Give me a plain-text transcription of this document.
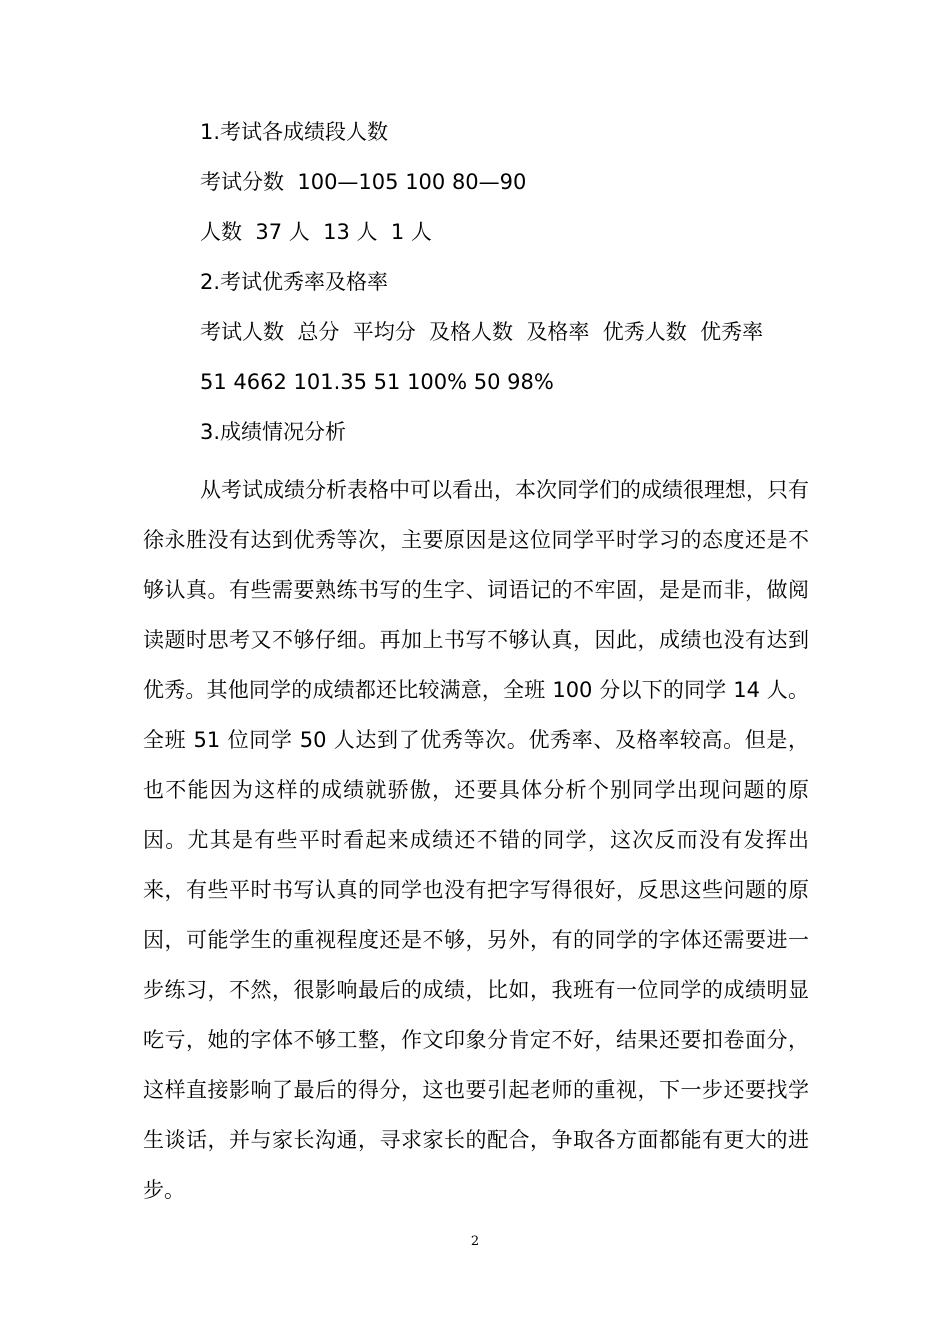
1.考试各成绩段人数
考试分数  100—105 100 80—90
人数  37 人  13 人  1 人
2.考试优秀率及格率
考试人数  总分  平均分  及格人数  及格率  优秀人数  优秀率
51 4662 101.35 51 100% 50 98%
3.成绩情况分析

从考试成绩分析表格中可以看出，本次同学们的成绩很理想，只有徐永胜没有达到优秀等次，主要原因是这位同学平时学习的态度还是不够认真。有些需要熟练书写的生字、词语记的不牢固，是是而非，做阅读题时思考又不够仔细。再加上书写不够认真，因此，成绩也没有达到优秀。其他同学的成绩都还比较满意，全班 100 分以下的同学 14 人。全班 51 位同学 50 人达到了优秀等次。优秀率、及格率较高。但是，也不能因为这样的成绩就骄傲，还要具体分析个别同学出现问题的原因。尤其是有些平时看起来成绩还不错的同学，这次反而没有发挥出来，有些平时书写认真的同学也没有把字写得很好，反思这些问题的原因，可能学生的重视程度还是不够，另外，有的同学的字体还需要进一步练习，不然，很影响最后的成绩，比如，我班有一位同学的成绩明显吃亏，她的字体不够工整，作文印象分肯定不好，结果还要扣卷面分，这样直接影响了最后的得分，这也要引起老师的重视，下一步还要找学生谈话，并与家长沟通，寻求家长的配合，争取各方面都能有更大的进步。

2
